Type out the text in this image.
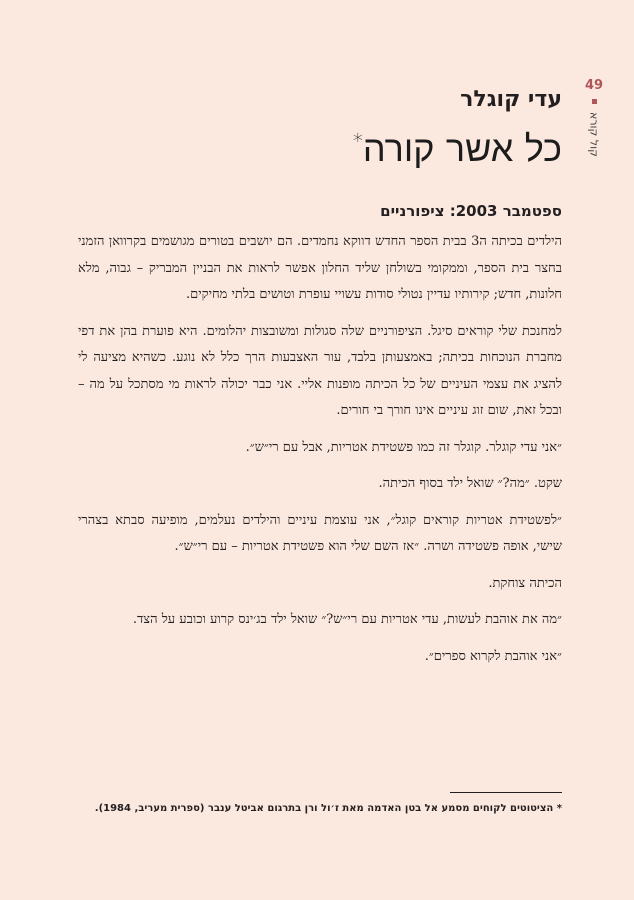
49
קול קורא
עדי קוגלר
כל אשר קורה*
ספטמבר 2003: ציפורניים

הילדים בכיתה ה3 בבית הספר החדש דווקא נחמדים. הם יושבים בטורים מגושמים בקרוואן הזמני בחצר בית הספר, וממקומי בשולחן שליד החלון אפשר לראות את הבניין המבריק – גבוה, מלא חלונות, חדש; קירותיו עדיין נטולי סודות עשויי עופרת וטושים בלתי מחיקים.

למחנכת שלי קוראים סיגל. הציפורניים שלה סגולות ומשובצות יהלומים. היא פוערת בהן את דפי מחברת הנוכחות בכיתה; באמצעותן בלבד, עור האצבעות הרך כלל לא נוגע. כשהיא מציעה לי להציג את עצמי העיניים של כל הכיתה מופנות אליי. אני כבר יכולה לראות מי מסתכל על מה – ובכל זאת, שום זוג עיניים אינו חורך בי חורים.

״אני עדי קוגלר. קוגלר זה כמו פשטידת אטריות, אבל עם רי״ש״.

שקט. ״מה?״ שואל ילד בסוף הכיתה.

״לפשטידת אטריות קוראים קוגל״, אני עוצמת עיניים והילדים נעלמים, מופיעה סבתא בצהרי שישי, אופה פשטידה ושרה. ״אז השם שלי הוא פשטידת אטריות – עם רי״ש״.

הכיתה צוחקת.

״מה את אוהבת לעשות, עדי אטריות עם רי״ש?״ שואל ילד בג׳ינס קרוע וכובע על הצד.

״אני אוהבת לקרוא ספרים״.

* הציטוטים לקוחים מסמע אל בטן האדמה מאת ז׳ול ורן בתרגום אביטל ענבר (ספרית מעריב, 1984).
